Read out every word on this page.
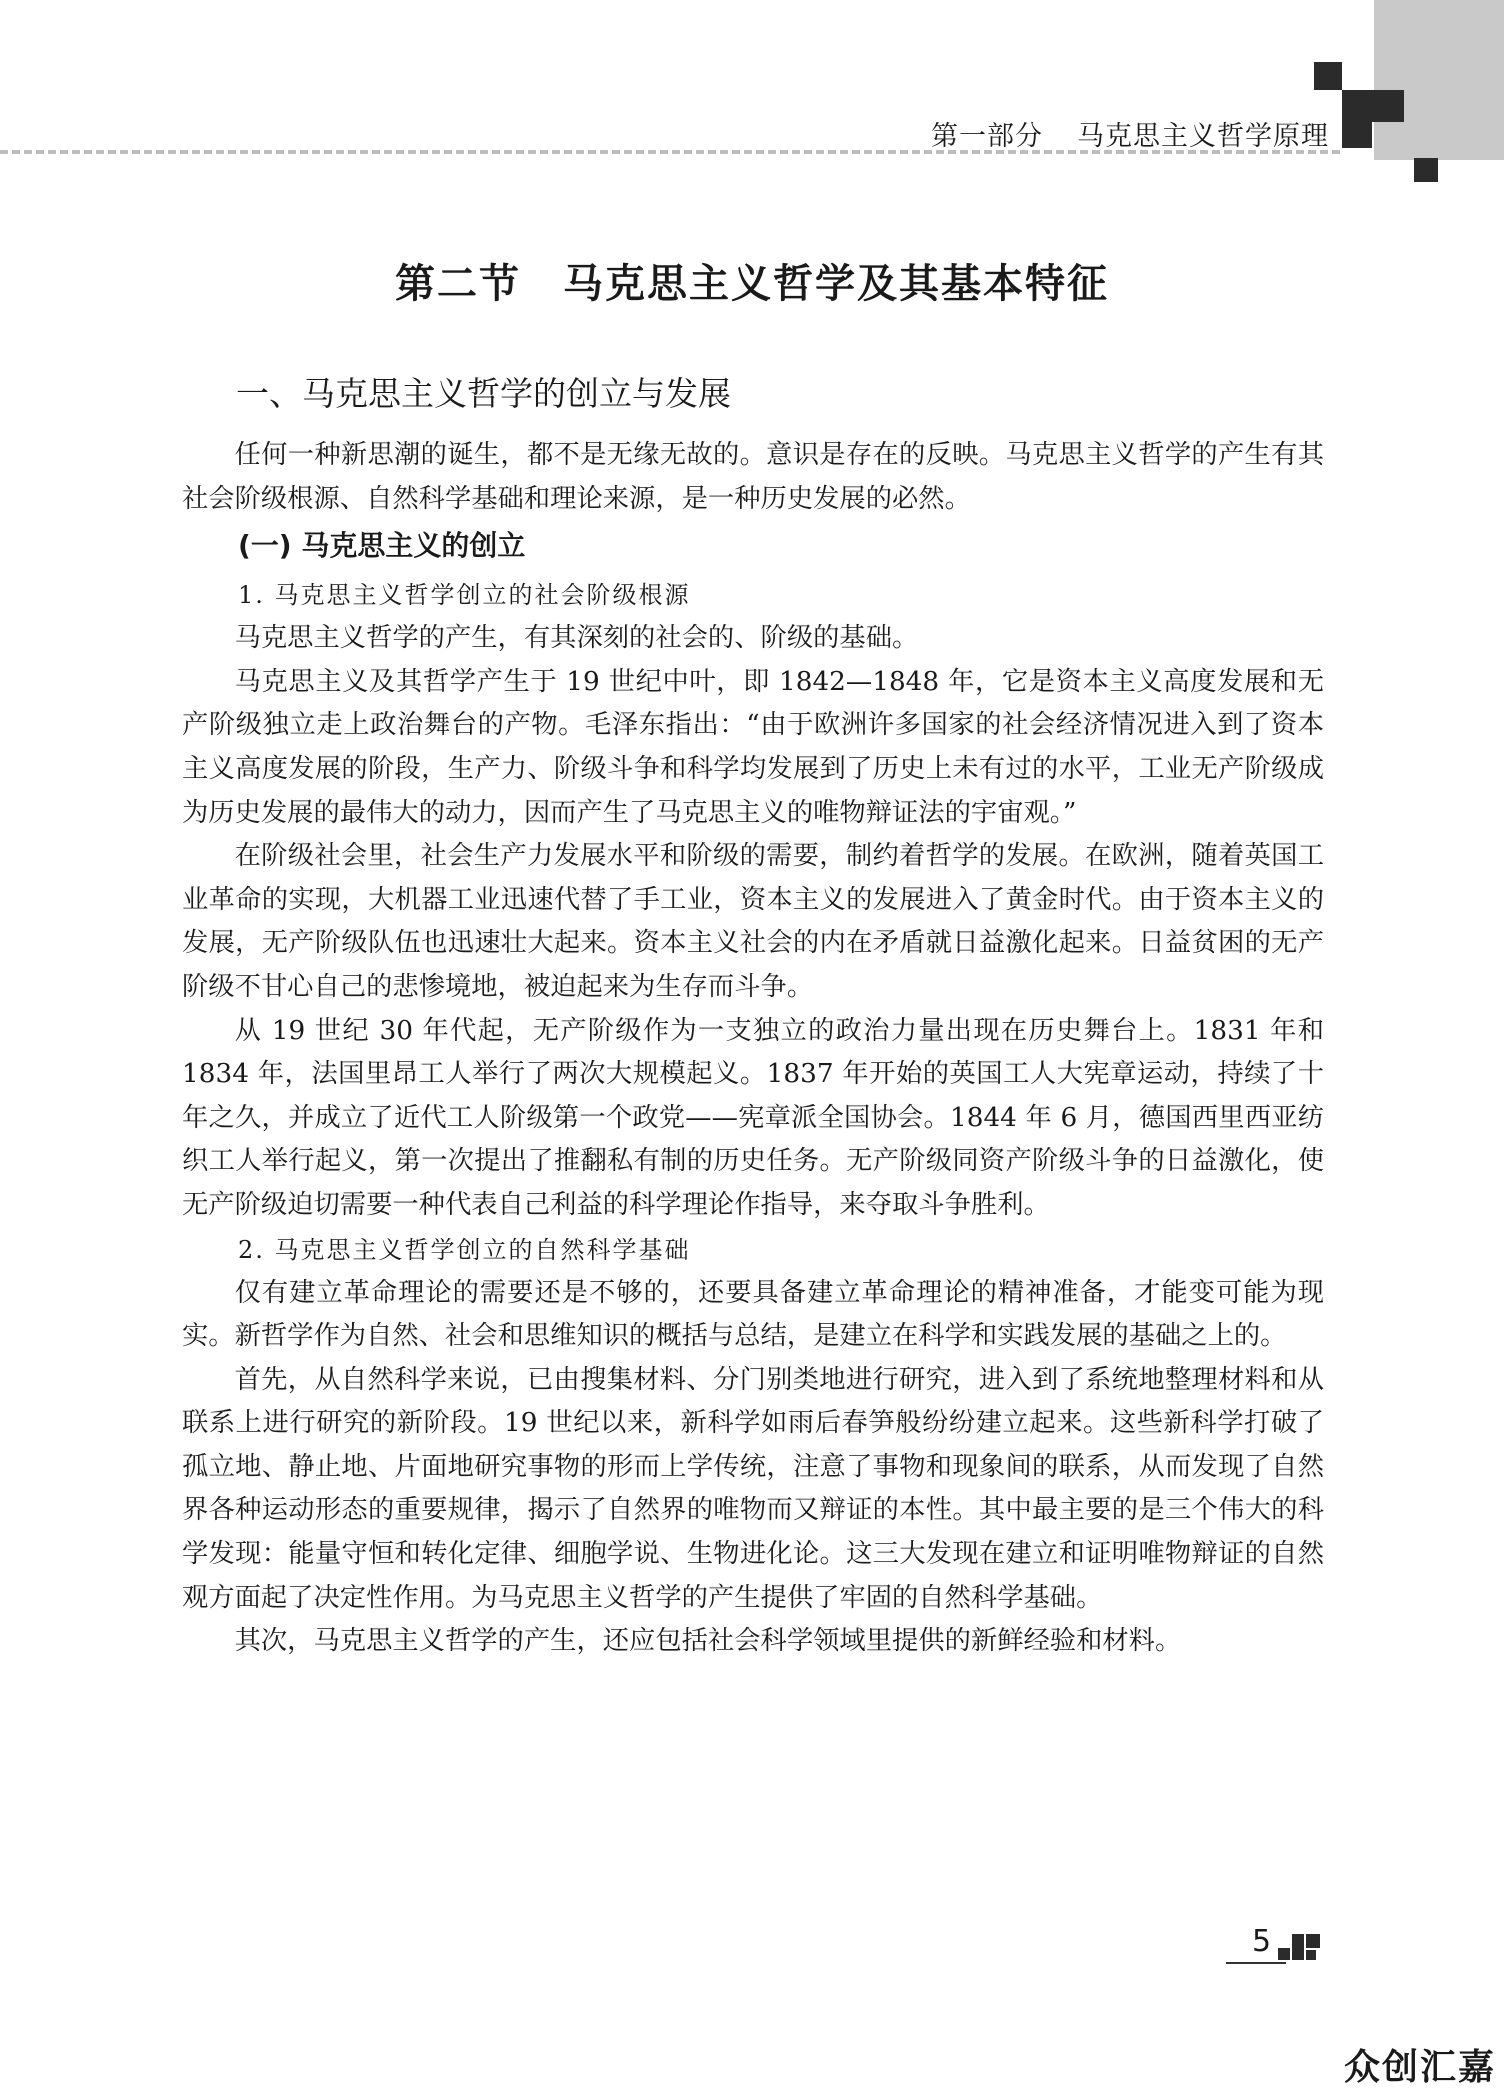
第一部分 马克思主义哲学原理

第二节 马克思主义哲学及其基本特征
一、马克思主义哲学的创立与发展

任何一种新思潮的诞生，都不是无缘无故的。意识是存在的反映。马克思主义哲学的产生有其社会阶级根源、自然科学基础和理论来源，是一种历史发展的必然。

(一) 马克思主义的创立
1. 马克思主义哲学创立的社会阶级根源

马克思主义哲学的产生，有其深刻的社会的、阶级的基础。

马克思主义及其哲学产生于 19 世纪中叶，即 1842—1848 年，它是资本主义高度发展和无产阶级独立走上政治舞台的产物。毛泽东指出：“由于欧洲许多国家的社会经济情况进入到了资本主义高度发展的阶段，生产力、阶级斗争和科学均发展到了历史上未有过的水平，工业无产阶级成为历史发展的最伟大的动力，因而产生了马克思主义的唯物辩证法的宇宙观。”

在阶级社会里，社会生产力发展水平和阶级的需要，制约着哲学的发展。在欧洲，随着英国工业革命的实现，大机器工业迅速代替了手工业，资本主义的发展进入了黄金时代。由于资本主义的发展，无产阶级队伍也迅速壮大起来。资本主义社会的内在矛盾就日益激化起来。日益贫困的无产阶级不甘心自己的悲惨境地，被迫起来为生存而斗争。

从 19 世纪 30 年代起，无产阶级作为一支独立的政治力量出现在历史舞台上。1831 年和 1834 年，法国里昂工人举行了两次大规模起义。1837 年开始的英国工人大宪章运动，持续了十年之久，并成立了近代工人阶级第一个政党——宪章派全国协会。1844 年 6 月，德国西里西亚纺织工人举行起义，第一次提出了推翻私有制的历史任务。无产阶级同资产阶级斗争的日益激化，使无产阶级迫切需要一种代表自己利益的科学理论作指导，来夺取斗争胜利。

2. 马克思主义哲学创立的自然科学基础

仅有建立革命理论的需要还是不够的，还要具备建立革命理论的精神准备，才能变可能为现实。新哲学作为自然、社会和思维知识的概括与总结，是建立在科学和实践发展的基础之上的。

首先，从自然科学来说，已由搜集材料、分门别类地进行研究，进入到了系统地整理材料和从联系上进行研究的新阶段。19 世纪以来，新科学如雨后春笋般纷纷建立起来。这些新科学打破了孤立地、静止地、片面地研究事物的形而上学传统，注意了事物和现象间的联系，从而发现了自然界各种运动形态的重要规律，揭示了自然界的唯物而又辩证的本性。其中最主要的是三个伟大的科学发现：能量守恒和转化定律、细胞学说、生物进化论。这三大发现在建立和证明唯物辩证的自然观方面起了决定性作用。为马克思主义哲学的产生提供了牢固的自然科学基础。

其次，马克思主义哲学的产生，还应包括社会科学领域里提供的新鲜经验和材料。

5

众创汇嘉
